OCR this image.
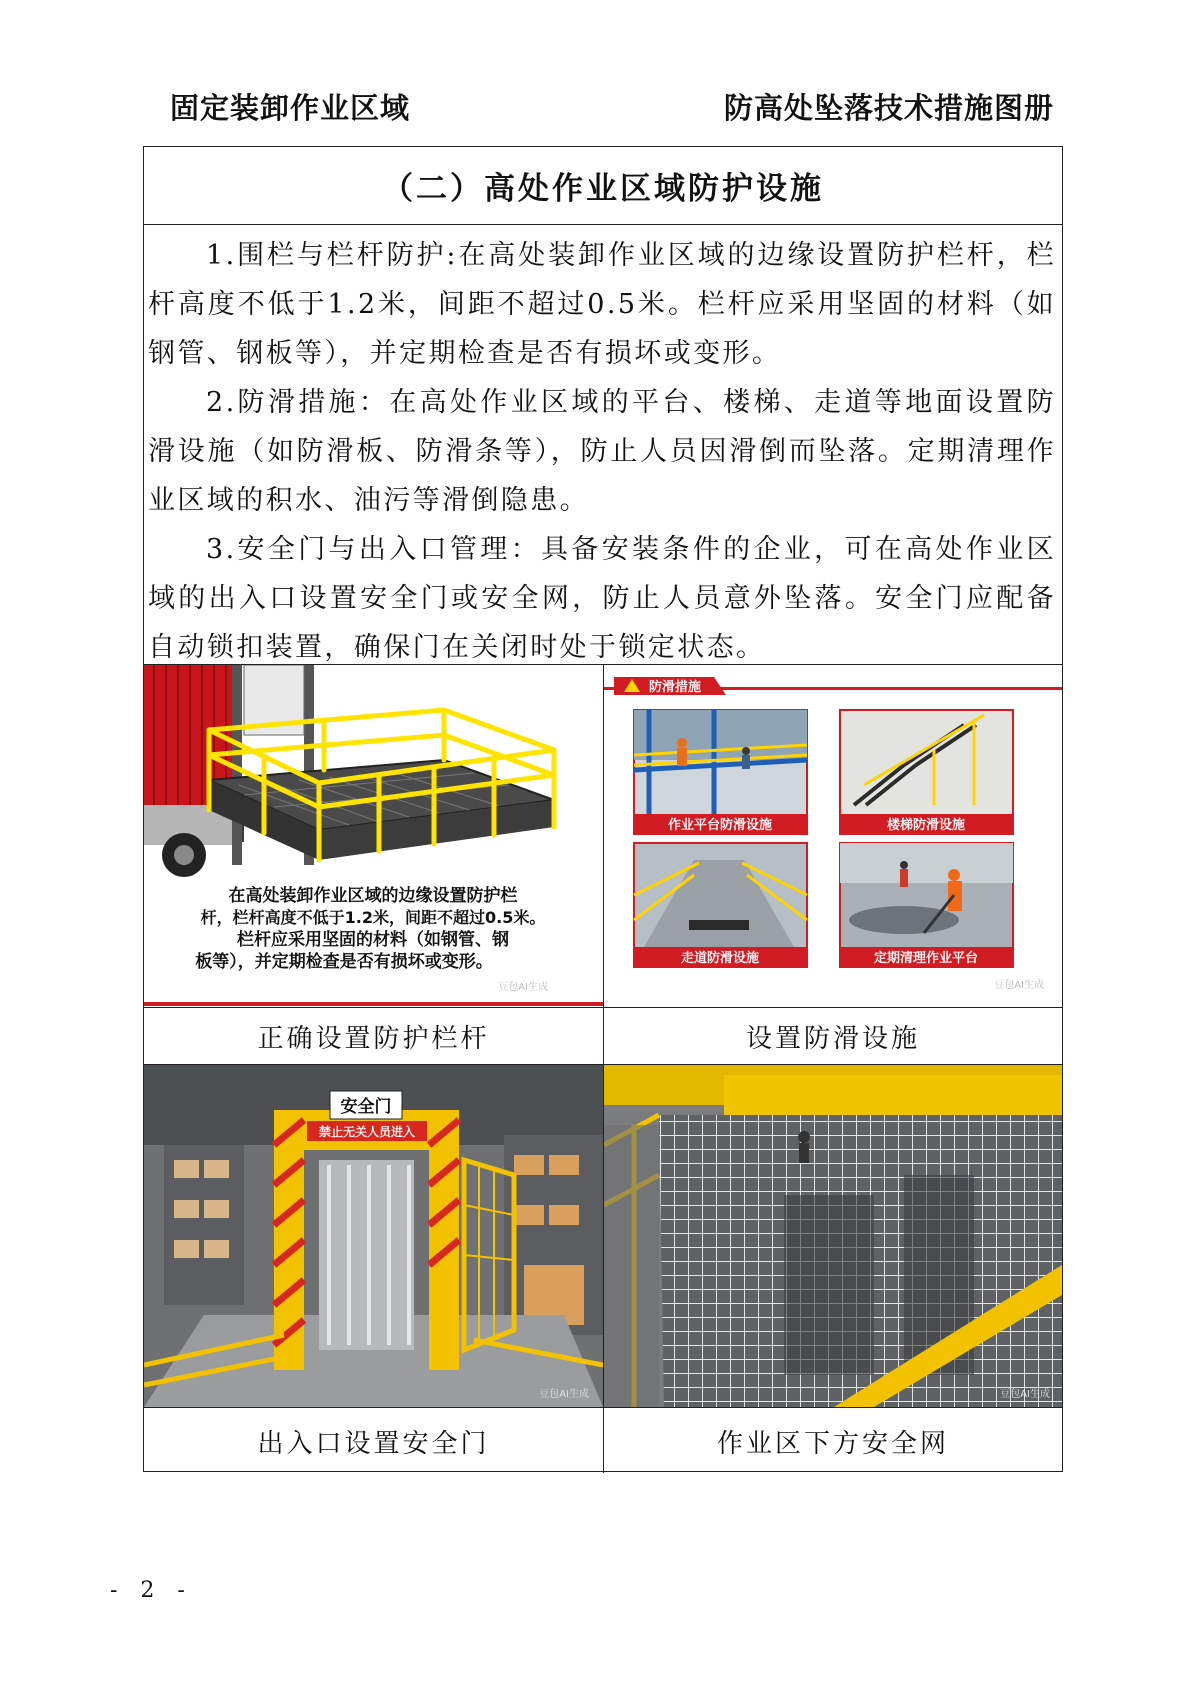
固定装卸作业区域	防高处坠落技术措施图册
（二）高处作业区域防护设施

1.围栏与栏杆防护:在高处装卸作业区域的边缘设置防护栏杆，栏杆高度不低于1.2米，间距不超过0.5米。栏杆应采用坚固的材料（如钢管、钢板等），并定期检查是否有损坏或变形。

2.防滑措施：在高处作业区域的平台、楼梯、走道等地面设置防滑设施（如防滑板、防滑条等），防止人员因滑倒而坠落。定期清理作业区域的积水、油污等滑倒隐患。

3.安全门与出入口管理：具备安装条件的企业，可在高处作业区域的出入口设置安全门或安全网，防止人员意外坠落。安全门应配备自动锁扣装置，确保门在关闭时处于锁定状态。

在高处装卸作业区域的边缘设置防护栏
杆，栏杆高度不低于1.2米，间距不超过0.5米。
栏杆应采用坚固的材料（如钢管、钢
板等），并定期检查是否有损坏或变形。
豆包AI生成
正确设置防护栏杆
防滑措施
作业平台防滑设施	楼梯防滑设施
走道防滑设施	定期清理作业平台
豆包AI生成
设置防滑设施
安全门
禁止无关人员进入
豆包AI生成
出入口设置安全门
豆包AI生成
作业区下方安全网
- 2 -
